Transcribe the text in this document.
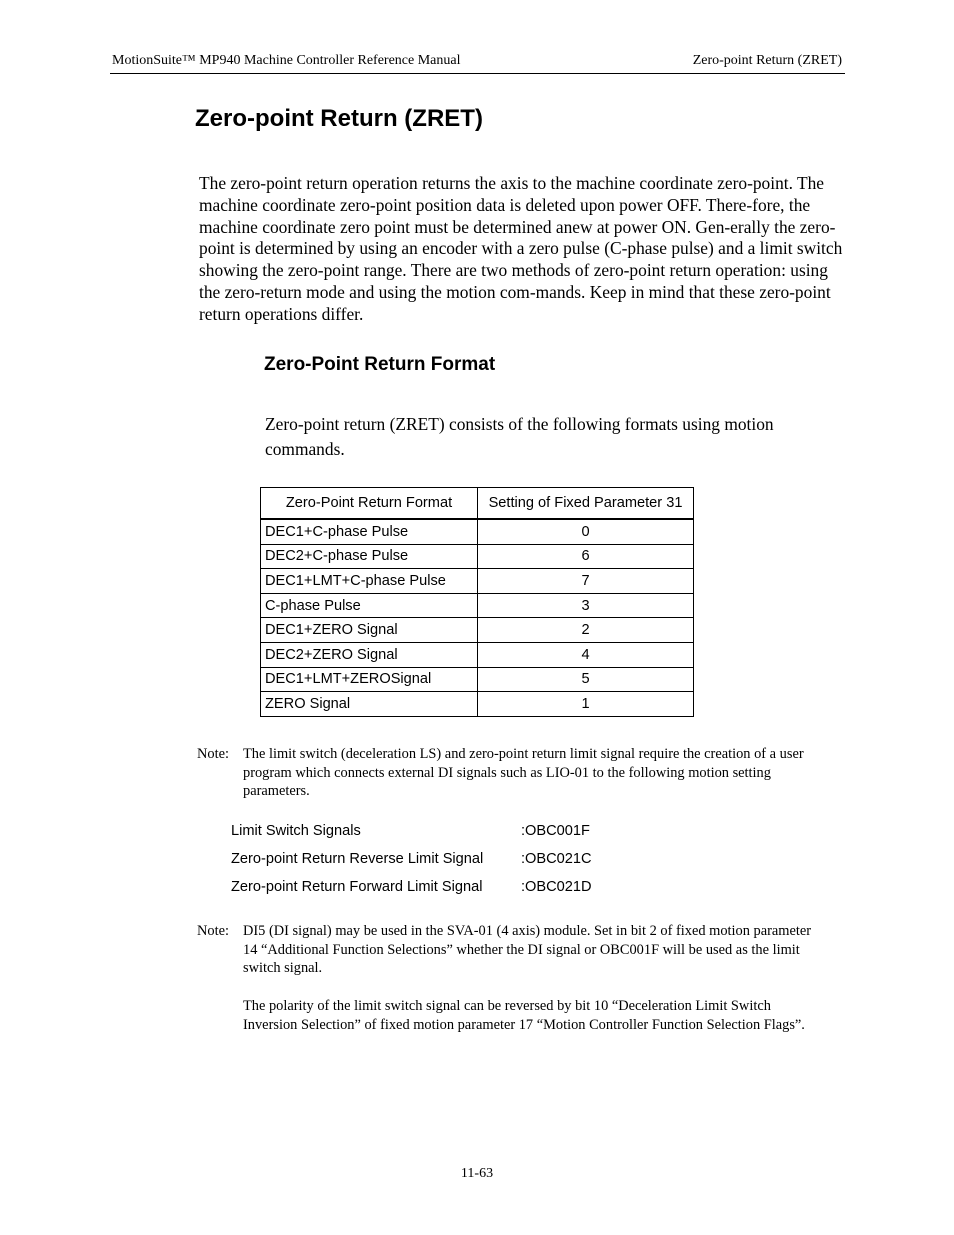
MotionSuite™ MP940 Machine Controller Reference Manual	Zero-point Return (ZRET)
Zero-point Return (ZRET)

The zero-point return operation returns the axis to the machine coordinate zero-point. The machine coordinate zero-point position data is deleted upon power OFF. There-fore, the machine coordinate zero point must be determined anew at power ON. Gen-erally the zero-point is determined by using an encoder with a zero pulse (C-phase pulse) and a limit switch showing the zero-point range. There are two methods of zero-point return operation: using the zero-return mode and using the motion com-mands. Keep in mind that these zero-point return operations differ.

Zero-Point Return Format

Zero-point return (ZRET) consists of the following formats using motion commands.

Zero-Point Return Format	Setting of Fixed Parameter 31
DEC1+C-phase Pulse	0
DEC2+C-phase Pulse	6
DEC1+LMT+C-phase Pulse	7
C-phase Pulse	3
DEC1+ZERO Signal	2
DEC2+ZERO Signal	4
DEC1+LMT+ZEROSignal	5
ZERO Signal	1
Note: The limit switch (deceleration LS) and zero-point return limit signal require the creation of a user program which connects external DI signals such as LIO-01 to the following motion setting parameters.
Limit Switch Signals	:OBC001F
Zero-point Return Reverse Limit Signal	:OBC021C
Zero-point Return Forward Limit Signal	:OBC021D
Note: DI5 (DI signal) may be used in the SVA-01 (4 axis) module. Set in bit 2 of fixed motion parameter 14 “Additional Function Selections” whether the DI signal or OBC001F will be used as the limit switch signal.

The polarity of the limit switch signal can be reversed by bit 10 “Deceleration Limit Switch Inversion Selection” of fixed motion parameter 17 “Motion Controller Function Selection Flags”.

11-63
